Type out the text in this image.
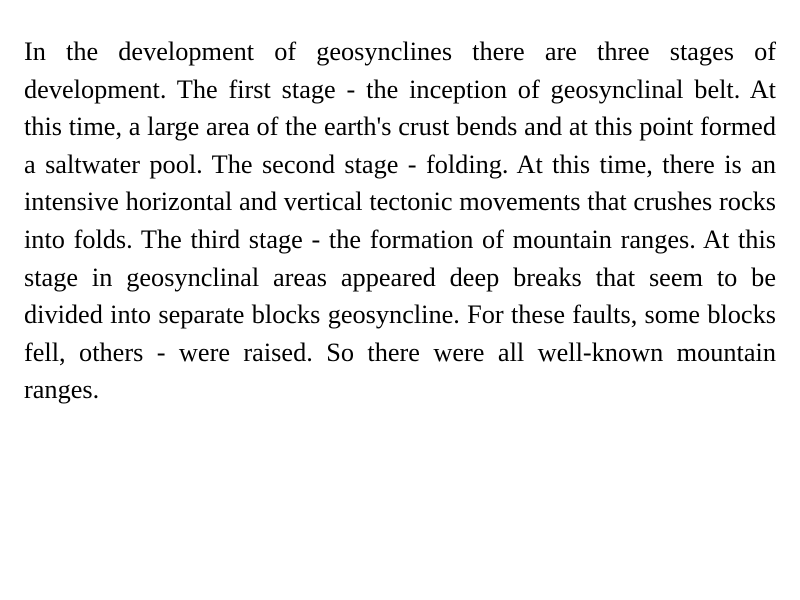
In the development of geosynclines there are three stages of development. The first stage - the inception of geosynclinal belt. At this time, a large area of the earth's crust bends and at this point formed a saltwater pool. The second stage - folding. At this time, there is an intensive horizontal and vertical tectonic movements that crushes rocks into folds. The third stage - the formation of mountain ranges. At this stage in geosynclinal areas appeared deep breaks that seem to be divided into separate blocks geosyncline. For these faults, some blocks fell, others - were raised. So there were all well-known mountain ranges.
